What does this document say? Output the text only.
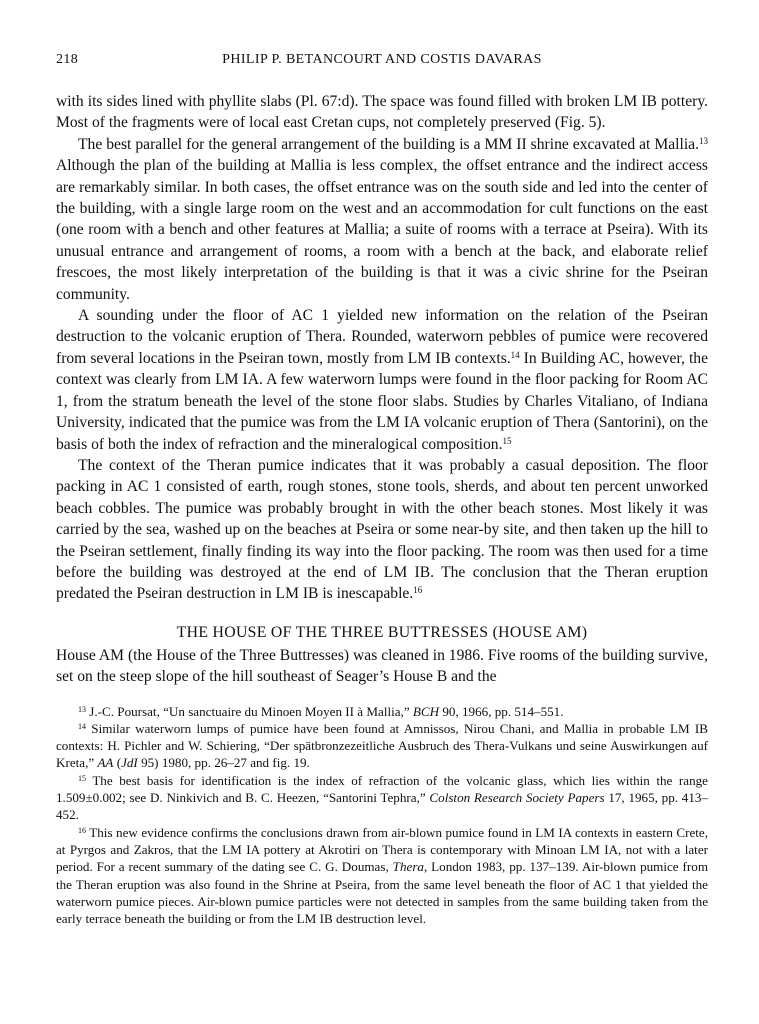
218	PHILIP P. BETANCOURT AND COSTIS DAVARAS

with its sides lined with phyllite slabs (Pl. 67:d). The space was found filled with broken LM IB pottery. Most of the fragments were of local east Cretan cups, not completely preserved (Fig. 5).

The best parallel for the general arrangement of the building is a MM II shrine excavated at Mallia.$^{13}$ Although the plan of the building at Mallia is less complex, the offset entrance and the indirect access are remarkably similar. In both cases, the offset entrance was on the south side and led into the center of the building, with a single large room on the west and an accommodation for cult functions on the east (one room with a bench and other features at Mallia; a suite of rooms with a terrace at Pseira). With its unusual entrance and arrangement of rooms, a room with a bench at the back, and elaborate relief frescoes, the most likely interpretation of the building is that it was a civic shrine for the Pseiran community.

A sounding under the floor of AC 1 yielded new information on the relation of the Pseiran destruction to the volcanic eruption of Thera. Rounded, waterworn pebbles of pumice were recovered from several locations in the Pseiran town, mostly from LM IB contexts.$^{14}$ In Building AC, however, the context was clearly from LM IA. A few waterworn lumps were found in the floor packing for Room AC 1, from the stratum beneath the level of the stone floor slabs. Studies by Charles Vitaliano, of Indiana University, indicated that the pumice was from the LM IA volcanic eruption of Thera (Santorini), on the basis of both the index of refraction and the mineralogical composition.$^{15}$

The context of the Theran pumice indicates that it was probably a casual deposition. The floor packing in AC 1 consisted of earth, rough stones, stone tools, sherds, and about ten percent unworked beach cobbles. The pumice was probably brought in with the other beach stones. Most likely it was carried by the sea, washed up on the beaches at Pseira or some near-by site, and then taken up the hill to the Pseiran settlement, finally finding its way into the floor packing. The room was then used for a time before the building was destroyed at the end of LM IB. The conclusion that the Theran eruption predated the Pseiran destruction in LM IB is inescapable.$^{16}$

THE HOUSE OF THE THREE BUTTRESSES (HOUSE AM)

House AM (the House of the Three Buttresses) was cleaned in 1986. Five rooms of the building survive, set on the steep slope of the hill southeast of Seager’s House B and the

$^{13}$ J.-C. Poursat, “Un sanctuaire du Minoen Moyen II à Mallia,” BCH 90, 1966, pp. 514–551.

$^{14}$ Similar waterworn lumps of pumice have been found at Amnissos, Nirou Chani, and Mallia in probable LM IB contexts: H. Pichler and W. Schiering, “Der spätbronzezeitliche Ausbruch des Thera-Vulkans und seine Auswirkungen auf Kreta,” AA (JdI 95) 1980, pp. 26–27 and fig. 19.

$^{15}$ The best basis for identification is the index of refraction of the volcanic glass, which lies within the range 1.509±0.002; see D. Ninkivich and B. C. Heezen, “Santorini Tephra,” Colston Research Society Papers 17, 1965, pp. 413–452.

$^{16}$ This new evidence confirms the conclusions drawn from air-blown pumice found in LM IA contexts in eastern Crete, at Pyrgos and Zakros, that the LM IA pottery at Akrotiri on Thera is contemporary with Minoan LM IA, not with a later period. For a recent summary of the dating see C. G. Doumas, Thera, London 1983, pp. 137–139. Air-blown pumice from the Theran eruption was also found in the Shrine at Pseira, from the same level beneath the floor of AC 1 that yielded the waterworn pumice pieces. Air-blown pumice particles were not detected in samples from the same building taken from the early terrace beneath the building or from the LM IB destruction level.
